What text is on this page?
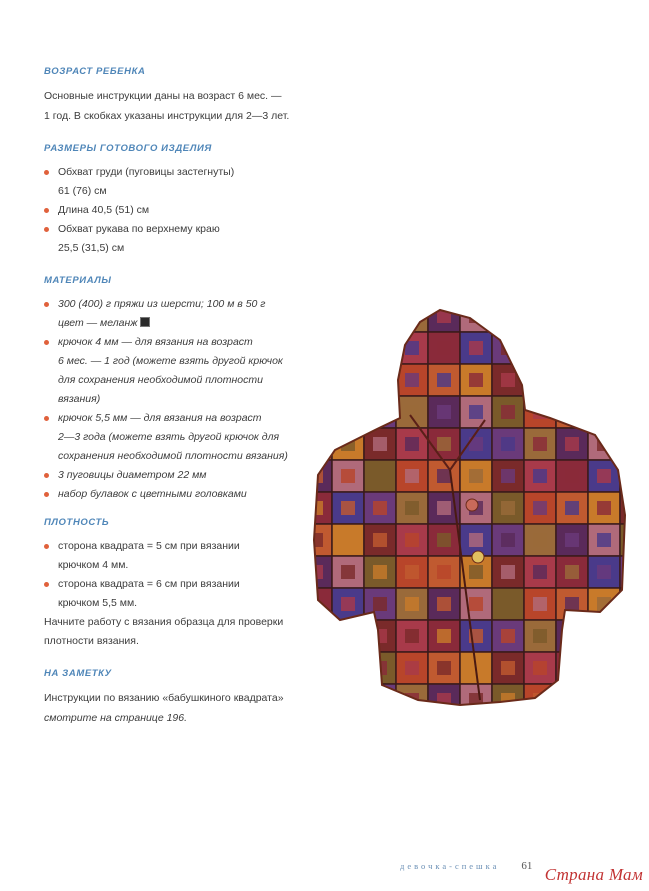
ВОЗРАСТ РЕБЕНКА

Основные инструкции даны на возраст 6 мес. —
1 год. В скобках указаны инструкции для 2—3 лет.

РАЗМЕРЫ ГОТОВОГО ИЗДЕЛИЯ
Обхват груди (пуговицы застегнуты)
61 (76) см
Длина 40,5 (51) см
Обхват рукава по верхнему краю
25,5 (31,5) см
МАТЕРИАЛЫ
300 (400) г пряжи из шерсти; 100 м в 50 г
цвет — меланж
крючок 4 мм — для вязания на возраст
6 мес. — 1 год (можете взять другой крючок
для сохранения необходимой плотности
вязания)
крючок 5,5 мм — для вязания на возраст
2—3 года (можете взять другой крючок для
сохранения необходимой плотности вязания)
3 пуговицы диаметром 22 мм
набор булавок с цветными головками
ПЛОТНОСТЬ
сторона квадрата = 5 см при вязании
крючком 4 мм.
сторона квадрата = 6 см при вязании
крючком 5,5 мм.

Начните работу с вязания образца для проверки
плотности вязания.

НА ЗАМЕТКУ

Инструкции по вязанию «бабушкиного квадрата»
смотрите на странице 196.

девочка-спешка 61 Страна Мам
